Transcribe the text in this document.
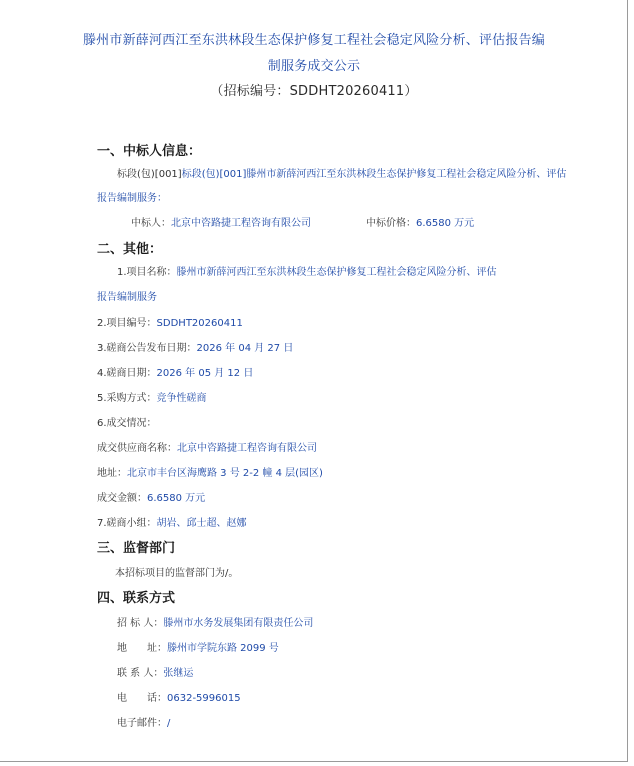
滕州市新薛河西江至东洪林段生态保护修复工程社会稳定风险分析、评估报告编
制服务成交公示
（招标编号：SDDHT20260411）
一、中标人信息：
标段(包)[001]标段(包)[001]滕州市新薛河西江至东洪林段生态保护修复工程社会稳定风险分析、评估
报告编制服务：
中标人：北京中咨路捷工程咨询有限公司	中标价格：6.6580 万元
二、其他：
1.项目名称：滕州市新薛河西江至东洪林段生态保护修复工程社会稳定风险分析、评估
报告编制服务
2.项目编号：SDDHT20260411
3.磋商公告发布日期：2026 年 04 月 27 日
4.磋商日期：2026 年 05 月 12 日
5.采购方式：竞争性磋商
6.成交情况：
成交供应商名称：北京中咨路捷工程咨询有限公司
地址：北京市丰台区海鹰路 3 号 2-2 幢 4 层(园区)
成交金额：6.6580 万元
7.磋商小组：胡岩、邱士超、赵娜
三、监督部门
本招标项目的监督部门为/。
四、联系方式
招 标 人：滕州市水务发展集团有限责任公司
地　　址：滕州市学院东路 2099 号
联 系 人：张继运
电　　话：0632-5996015
电子邮件：/
